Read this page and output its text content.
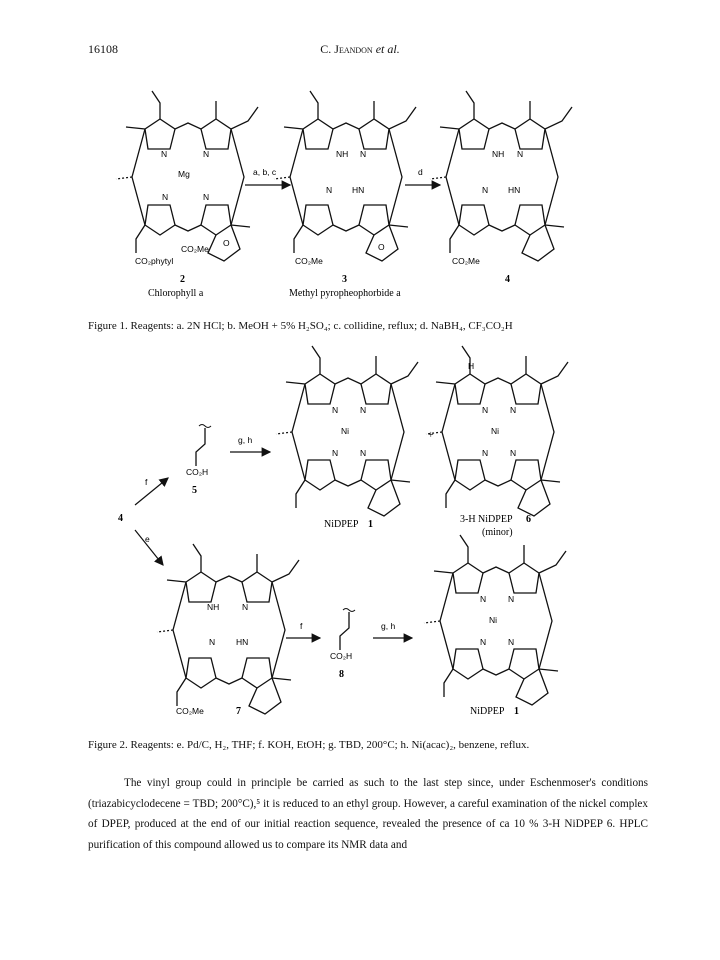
16108	C. Jeandon et al.
N	N
N	N
Mg
CO₂Me
O
CO₂phytyl
2
Chlorophyll a
a, b, c
NH N
N HN
O
CO₂Me
3
Methyl pyropheophorbide a
d
NH N
N HN
CO₂Me
4
CO₂H
5
g, h
N	N
N	N
Ni
NiDPEP 1
+
H
N	N
N	N
Ni
3-H NiDPEP 6
(minor)
4
f
e
NH	N
N HN
CO₂Me	7
f
CO₂H
8
g, h
N	N
N	N
Ni
NiDPEP 1
Figure 1. Reagents: a. 2N HCl; b. MeOH + 5% H₂SO₄; c. collidine, reflux; d. NaBH₄, CF₃CO₂H
Figure 2. Reagents: e. Pd/C, H₂, THF; f. KOH, EtOH; g. TBD, 200°C; h. Ni(acac)₂, benzene, reflux.

The vinyl group could in principle be carried as such to the last step since, under Eschenmoser's conditions (triazabicyclodecene = TBD; 200°C),⁵ it is reduced to an ethyl group. However, a careful examination of the nickel complex of DPEP, produced at the end of our initial reaction sequence, revealed the presence of ca 10 % 3-H NiDPEP 6. HPLC purification of this compound allowed us to compare its NMR data and
